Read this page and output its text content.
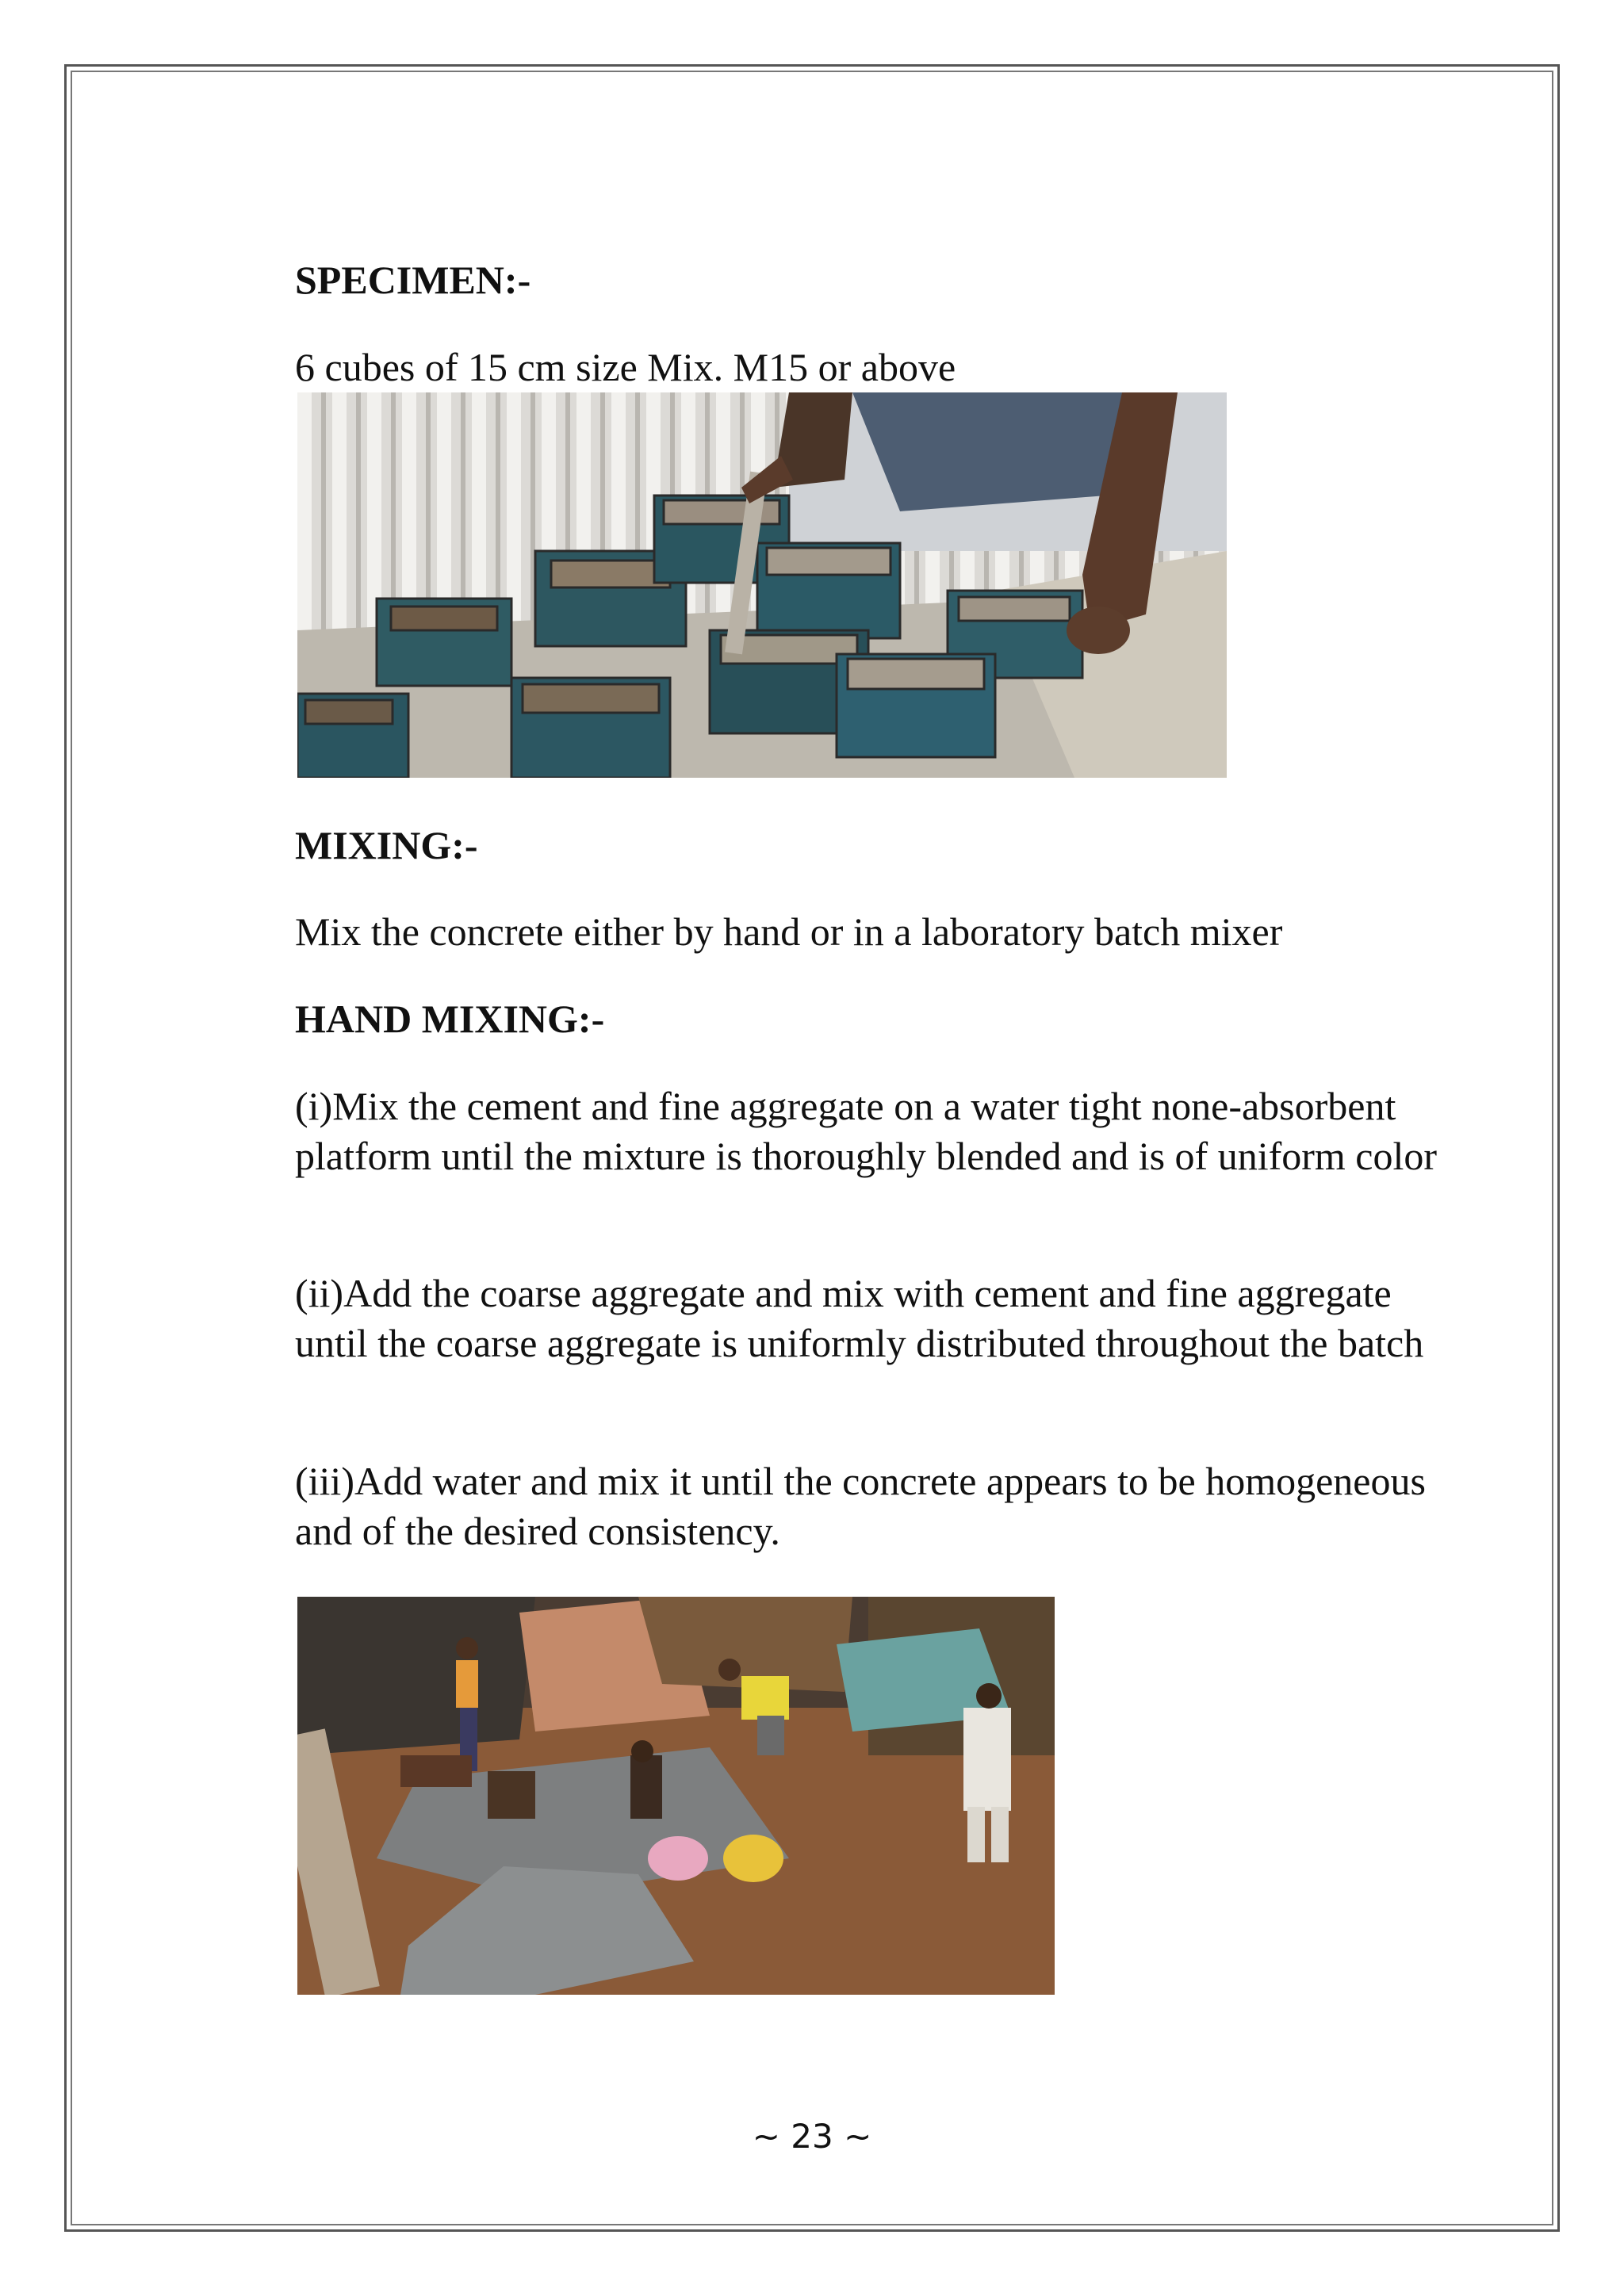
SPECIMEN:-

6 cubes of 15 cm size Mix. M15 or above

MIXING:-

Mix the concrete either by hand or in a laboratory batch mixer

HAND MIXING:-

(i)Mix the cement and fine aggregate on a water tight none-absorbent platform until the mixture is thoroughly blended and is of uniform color

(ii)Add the coarse aggregate and mix with cement and fine aggregate until the coarse aggregate is uniformly distributed throughout the batch

(iii)Add water and mix it until the concrete appears to be homogeneous and of the desired consistency.

~ 23 ~
